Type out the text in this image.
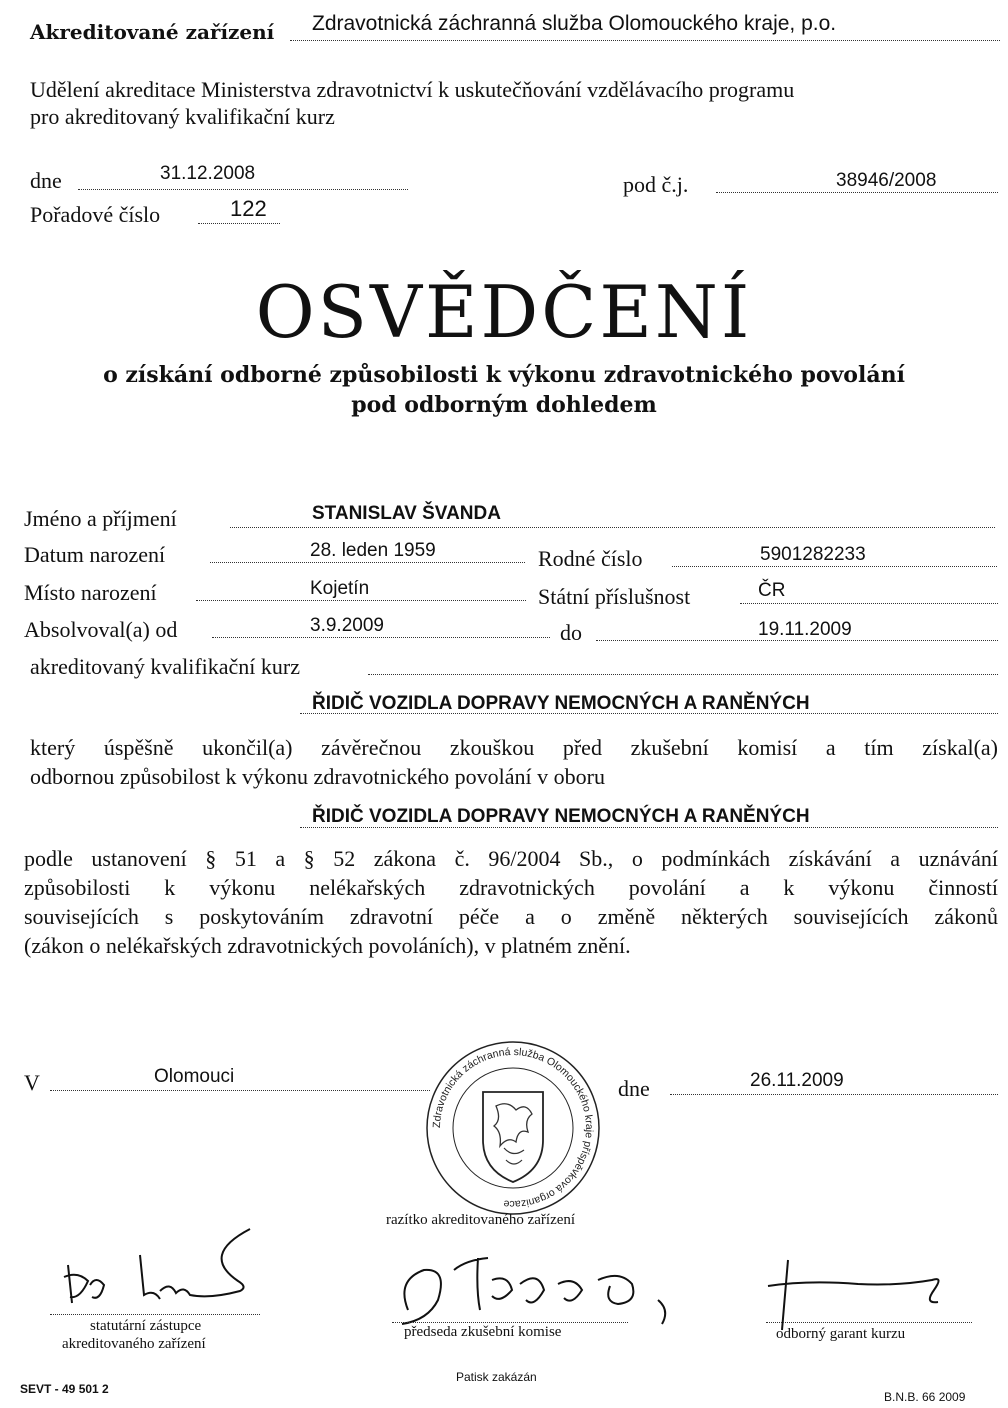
Akreditované zařízení Zdravotnická záchranná služba Olomouckého kraje, p.o.
Udělení akreditace Ministerstva zdravotnictví k uskutečňování vzdělávacího programu
pro akreditovaný kvalifikační kurz
dne	31.12.2008	pod č.j.	38946/2008
Pořadové číslo	122
OSVĚDČENÍ
o získání odborné způsobilosti k výkonu zdravotnického povolání
pod odborným dohledem
Jméno a příjmení	STANISLAV ŠVANDA
Datum narození	28. leden 1959	Rodné číslo	5901282233
Místo narození	Kojetín	Státní příslušnost	ČR
Absolvoval(a) od	3.9.2009	do	19.11.2009
akreditovaný kvalifikační kurz
ŘIDIČ VOZIDLA DOPRAVY NEMOCNÝCH A RANĚNÝCH
který úspěšně ukončil(a) závěrečnou zkouškou před zkušební komisí a tím získal(a)
odbornou způsobilost k výkonu zdravotnického povolání v oboru
ŘIDIČ VOZIDLA DOPRAVY NEMOCNÝCH A RANĚNÝCH
podle ustanovení § 51 a § 52 zákona č. 96/2004 Sb., o podmínkách získávání a uznávání
způsobilosti k výkonu nelékařských zdravotnických povolání a k výkonu činností
souvisejících s poskytováním zdravotní péče a o změně některých souvisejících zákonů
(zákon o nelékařských zdravotnických povoláních), v platném znění.
V	Olomouci	dne	26.11.2009
Zdravotnická záchranná služba Olomouckého kraje příspěvková organizace
razítko akreditovaného zařízení
statutární zástupce
akreditovaného zařízení
předseda zkušební komise	odborný garant kurzu
SEVT - 49 501 2
Patisk zakázán
B.N.B. 66 2009
